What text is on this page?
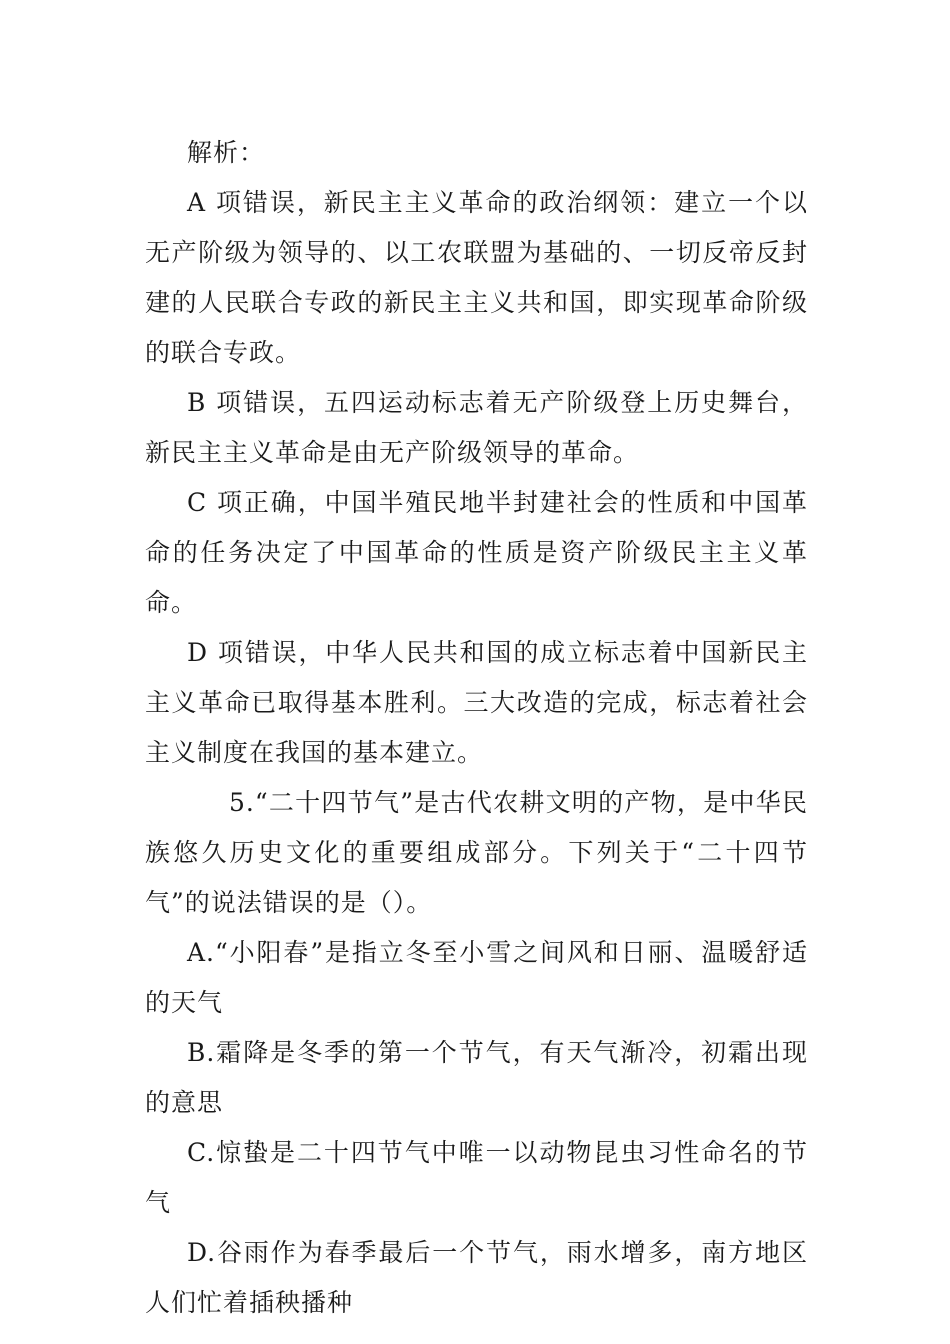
解析：

A 项错误，新民主主义革命的政治纲领：建立一个以无产阶级为领导的、以工农联盟为基础的、一切反帝反封建的人民联合专政的新民主主义共和国，即实现革命阶级的联合专政。

B 项错误，五四运动标志着无产阶级登上历史舞台，新民主主义革命是由无产阶级领导的革命。

C 项正确，中国半殖民地半封建社会的性质和中国革命的任务决定了中国革命的性质是资产阶级民主主义革命。

D 项错误，中华人民共和国的成立标志着中国新民主主义革命已取得基本胜利。三大改造的完成，标志着社会主义制度在我国的基本建立。

5.“二十四节气”是古代农耕文明的产物，是中华民族悠久历史文化的重要组成部分。下列关于“二十四节气”的说法错误的是（）。

A.“小阳春”是指立冬至小雪之间风和日丽、温暖舒适的天气

B.霜降是冬季的第一个节气，有天气渐冷，初霜出现的意思

C.惊蛰是二十四节气中唯一以动物昆虫习性命名的节气

D.谷雨作为春季最后一个节气，雨水增多，南方地区人们忙着插秧播种
